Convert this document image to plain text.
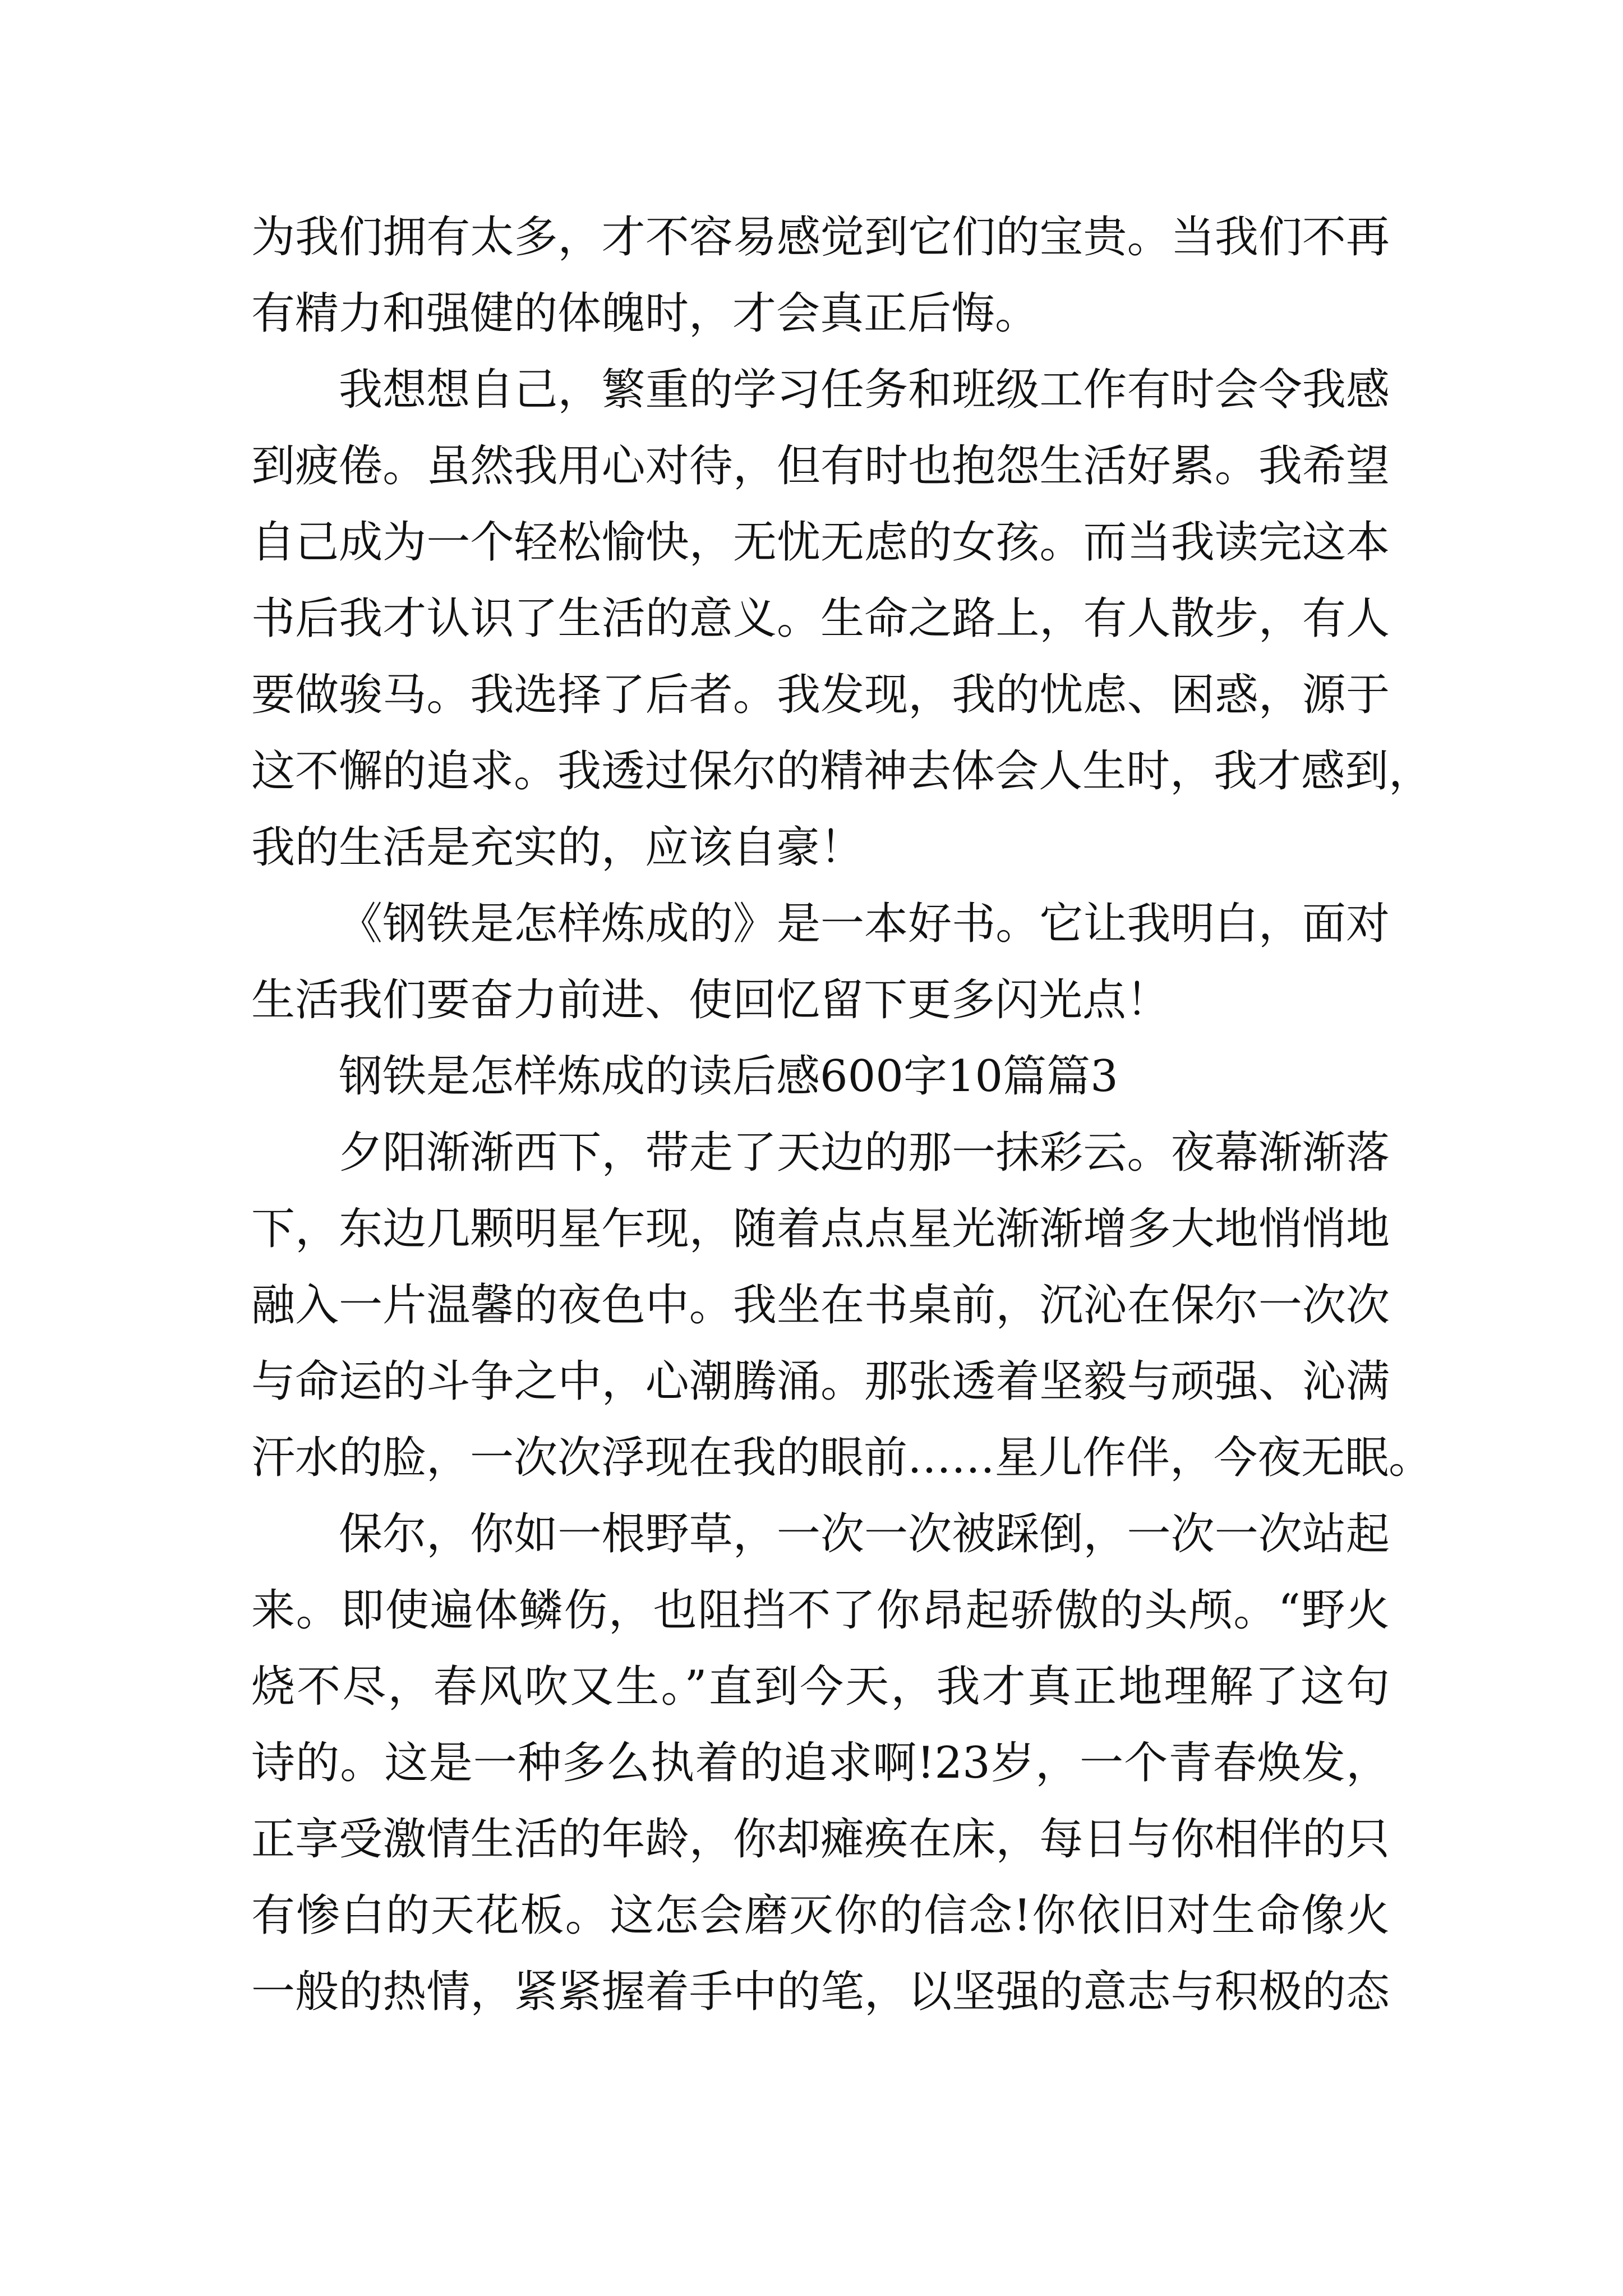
为我们拥有太多，才不容易感觉到它们的宝贵。当我们不再
有精力和强健的体魄时，才会真正后悔。
我想想自己，繁重的学习任务和班级工作有时会令我感
到疲倦。虽然我用心对待，但有时也抱怨生活好累。我希望
自己成为一个轻松愉快，无忧无虑的女孩。而当我读完这本
书后我才认识了生活的意义。生命之路上，有人散步，有人
要做骏马。我选择了后者。我发现，我的忧虑、困惑，源于
这不懈的追求。我透过保尔的精神去体会人生时，我才感到，
我的生活是充实的，应该自豪！
《钢铁是怎样炼成的》是一本好书。它让我明白，面对
生活我们要奋力前进、使回忆留下更多闪光点！
钢铁是怎样炼成的读后感600字10篇篇3
夕阳渐渐西下，带走了天边的那一抹彩云。夜幕渐渐落
下，东边几颗明星乍现，随着点点星光渐渐增多大地悄悄地
融入一片温馨的夜色中。我坐在书桌前，沉沁在保尔一次次
与命运的斗争之中，心潮腾涌。那张透着坚毅与顽强、沁满
汗水的脸，一次次浮现在我的眼前……星儿作伴，今夜无眠。
保尔，你如一根野草，一次一次被踩倒，一次一次站起
来。即使遍体鳞伤，也阻挡不了你昂起骄傲的头颅。“野火
烧不尽，春风吹又生。”直到今天，我才真正地理解了这句
诗的。这是一种多么执着的追求啊!23岁，一个青春焕发，
正享受激情生活的年龄，你却瘫痪在床，每日与你相伴的只
有惨白的天花板。这怎会磨灭你的信念!你依旧对生命像火
一般的热情，紧紧握着手中的笔，以坚强的意志与积极的态
